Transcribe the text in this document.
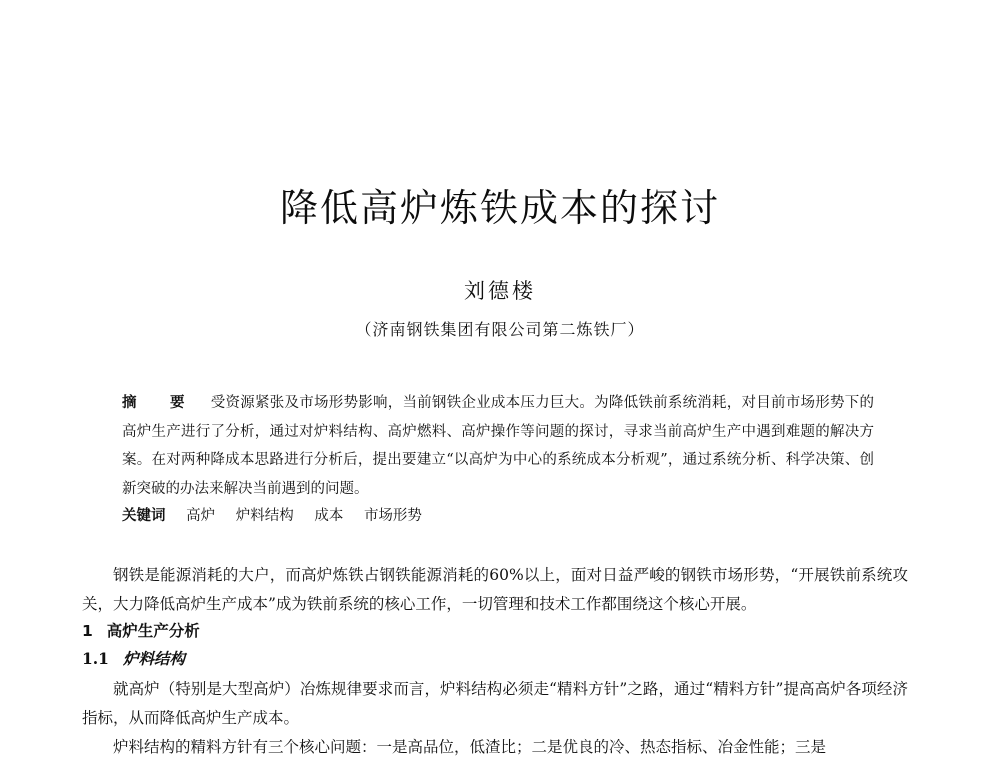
降低高炉炼铁成本的探讨
刘德楼
（济南钢铁集团有限公司第二炼铁厂）
摘 要 受资源紧张及市场形势影响，当前钢铁企业成本压力巨大。为降低铁前系统消耗，对目前市场形势下的高炉生产进行了分析，通过对炉料结构、高炉燃料、高炉操作等问题的探讨，寻求当前高炉生产中遇到难题的解决方案。在对两种降成本思路进行分析后，提出要建立“以高炉为中心的系统成本分析观”，通过系统分析、科学决策、创新突破的办法来解决当前遇到的问题。
关键词 高炉 炉料结构 成本 市场形势

钢铁是能源消耗的大户，而高炉炼铁占钢铁能源消耗的60%以上，面对日益严峻的钢铁市场形势，“开展铁前系统攻关，大力降低高炉生产成本”成为铁前系统的核心工作，一切管理和技术工作都围绕这个核心开展。

1 高炉生产分析
1.1 炉料结构

就高炉（特别是大型高炉）冶炼规律要求而言，炉料结构必须走“精料方针”之路，通过“精料方针”提高高炉各项经济指标，从而降低高炉生产成本。

炉料结构的精料方针有三个核心问题：一是高品位，低渣比；二是优良的冷、热态指标、冶金性能；三是
